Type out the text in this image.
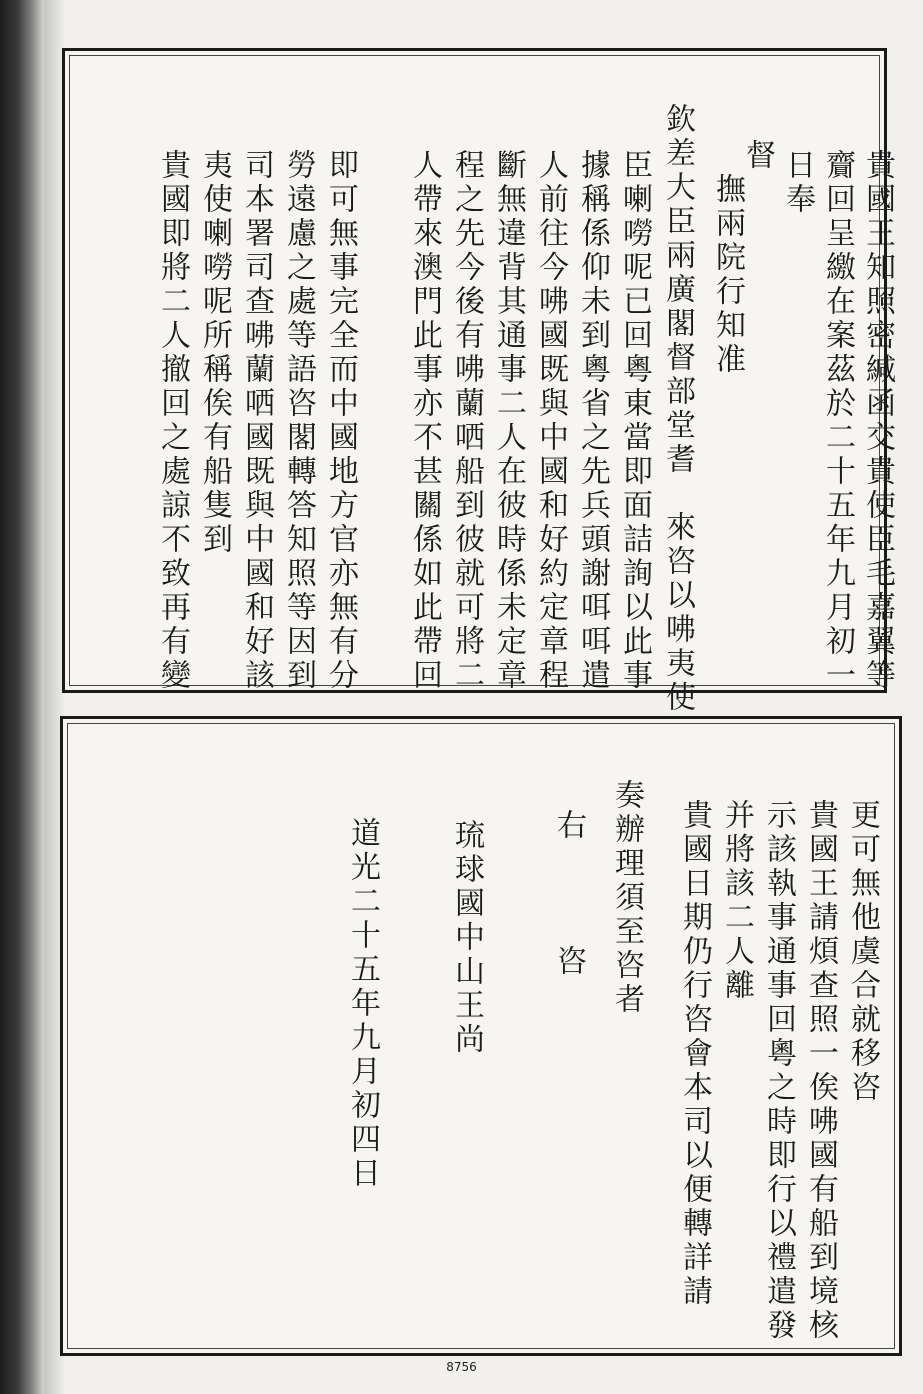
貴國王知照密緘函交貴使臣毛嘉翼等
齎回呈繳在案茲於二十五年九月初一
日奉
督
撫兩院行知准
欽差大臣兩廣閣督部堂耆　來咨以咈夷使
臣喇嘮呢已回粵東當即面詰詢以此事
據稱係仰未到粵省之先兵頭謝咡咡遣
人前往今咈國既與中國和好約定章程
斷無違背其通事二人在彼時係未定章
程之先今後有咈蘭哂船到彼就可將二
人帶來澳門此事亦不甚關係如此帶回
即可無事完全而中國地方官亦無有分
勞遠慮之處等語咨閣轉答知照等因到
司本署司查咈蘭哂國既與中國和好該
夷使喇嘮呢所稱俟有船隻到
貴國即將二人撤回之處諒不致再有變
更可無他虞合就移咨
貴國王請煩查照一俟咈國有船到境核
示該執事通事回粵之時即行以禮遣發
并將該二人離
貴國日期仍行咨會本司以便轉詳請
奏辦理須至咨者
右　　　咨
琉球國中山王尚
道光二十五年九月初四日
8756
